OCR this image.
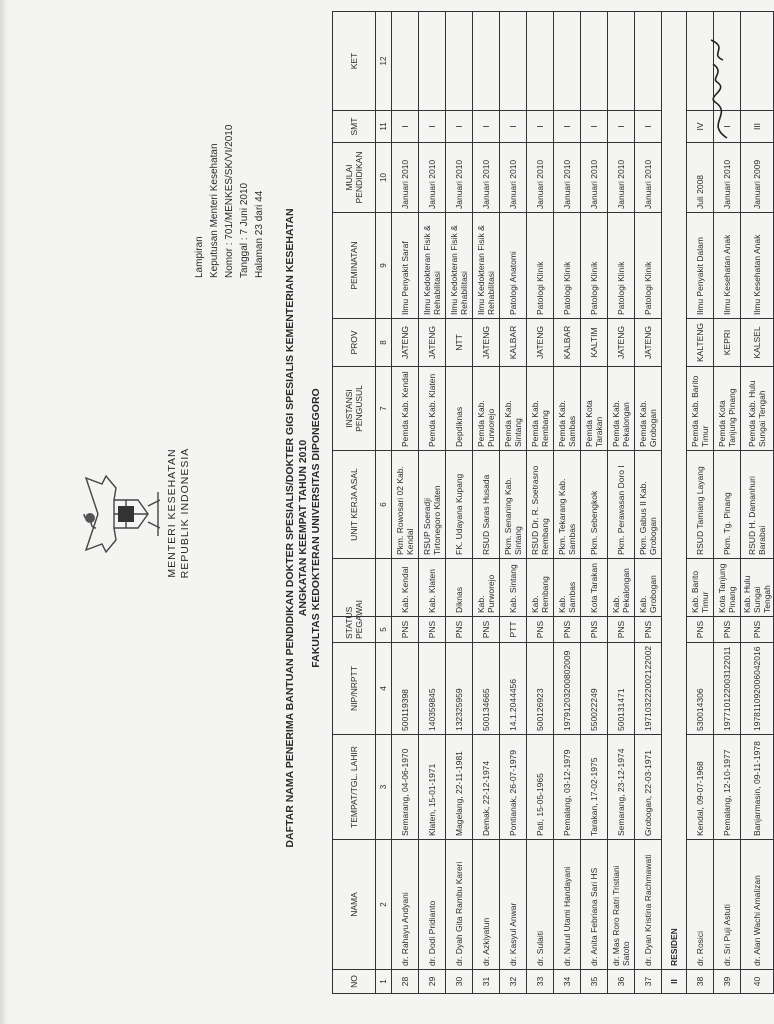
MENTERI KESEHATAN REPUBLIK INDONESIA
Lampiran Keputusan Menteri Kesehatan Nomor : 701/MENKES/SK/VI/2010 Tanggal : 7 Juni 2010 Halaman 23 dari 44 DAFTAR NAMA PENERIMA BANTUAN PENDIDIKAN DOKTER SPESIALIS/DOKTER GIGI SPESIALIS KEMENTERIAN KESEHATAN ANGKATAN KEEMPAT TAHUN 2010 FAKULTAS KEDOKTERAN UNIVERSITAS DIPONEGORO
NO	NAMA	TEMPAT/TGL. LAHIR	NIP/NRPTT	STATUS PEGAWAI		UNIT KERJA ASAL	INSTANSI PENGUSUL	PROV	PEMINATAN	MULAI PENDIDIKAN	SMT	KET
1	2	3	4	5		6	7	8	9	10	11	12
28	dr. Rahayu Andyani	Semarang, 04-06-1970	500119398	PNS	Kab. Kendal	Pkm. Rowosari 02 Kab. Kendal	Pemda Kab. Kendal	JATENG	Ilmu Penyakit Saraf	Januari 2010	I	
29	dr. Dodi Pridianto	Klaten, 15-01-1971	140359845	PNS	Kab. Klaten	RSUP Soeradji Tirtonegoro Klaten	Pemda Kab. Klaten	JATENG	Ilmu Kedokteran Fisik & Rehabilitasi	Januari 2010	I	
30	dr. Dyah Gita Rambu Kareri	Magelang, 22-11-1981	132325959	PNS	Diknas	FK. Udayana Kupang	Depdiknas	NTT	Ilmu Kedokteran Fisik & Rehabilitasi	Januari 2010	I	
31	dr. Azkiyatun	Demak, 22-12-1974	500134665	PNS	Kab. Purworejo	RSUD Saras Husada	Pemda Kab. Purworejo	JATENG	Ilmu Kedokteran Fisik & Rehabilitasi	Januari 2010	I	
32	dr. Kasyul Anwar	Pontianak, 26-07-1979	14.1.2044456	PTT	Kab. Sintang	Pkm. Senaning Kab. Sintang	Pemda Kab. Sintang	KALBAR	Patologi Anatomi	Januari 2010	I	
33	dr. Sulaiti	Pati, 15-05-1965	500126923	PNS	Kab. Rembang	RSUD Dr. R. Soetrasno Rembang	Pemda Kab. Rembang	JATENG	Patologi Klinik	Januari 2010	I	
34	dr. Nurul Utami Handayani	Pemalang, 03-12-1979	19791203200802009	PNS	Kab. Sambas	Pkm. Tekarang Kab. Sambas	Pemda Kab. Sambas	KALBAR	Patologi Klinik	Januari 2010	I	
35	dr. Anita Febriana Sari HS	Tarakan, 17-02-1975	550022249	PNS	Kota Tarakan	Pkm. Sebengkok	Pemda Kota Tarakan	KALTIM	Patologi Klinik	Januari 2010	I	
36	dr. Mas Roro Ratri Tristiani Satoto	Semarang, 23-12-1974	500131471	PNS	Kab. Pekalongan	Pkm. Perawasan Doro I	Pemda Kab. Pekalongan	JATENG	Patologi Klinik	Januari 2010	I	
37	dr. Dyan Kristina Rachmawati	Grobogan, 22-03-1971	197103222002122002	PNS	Kab. Grobogan	Pkm. Gabus II Kab. Grobogan	Pemda Kab. Grobogan	JATENG	Patologi Klinik	Januari 2010	I	
II	RESIDEN											
38	dr. Rosici	Kendal, 09-07-1968	530014306	PNS	Kab. Barito Timur	RSUD Tamiang Layang	Pemda Kab. Barito Timur	KALTENG	Ilmu Penyakit Dalam	Juli 2008	IV	
39	dr. Sri Puji Astuti	Pemalang, 12-10-1977	197710122003122011	PNS	Kota Tanjung Pinang	Pkm. Tg. Pinang	Pemda Kota Tanjung Pinang	KEPRI	Ilmu Kesehatan Anak	Januari 2010	I	
40	dr. Alan Wachi Amalizan	Banjarmasin, 09-11-1978	197811092006042016	PNS	Kab. Hulu Sungai Tengah	RSUD H. Damanhuri Barabai	Pemda Kab. Hulu Sungai Tengah	KALSEL	Ilmu Kesehatan Anak	Januari 2009	III	
